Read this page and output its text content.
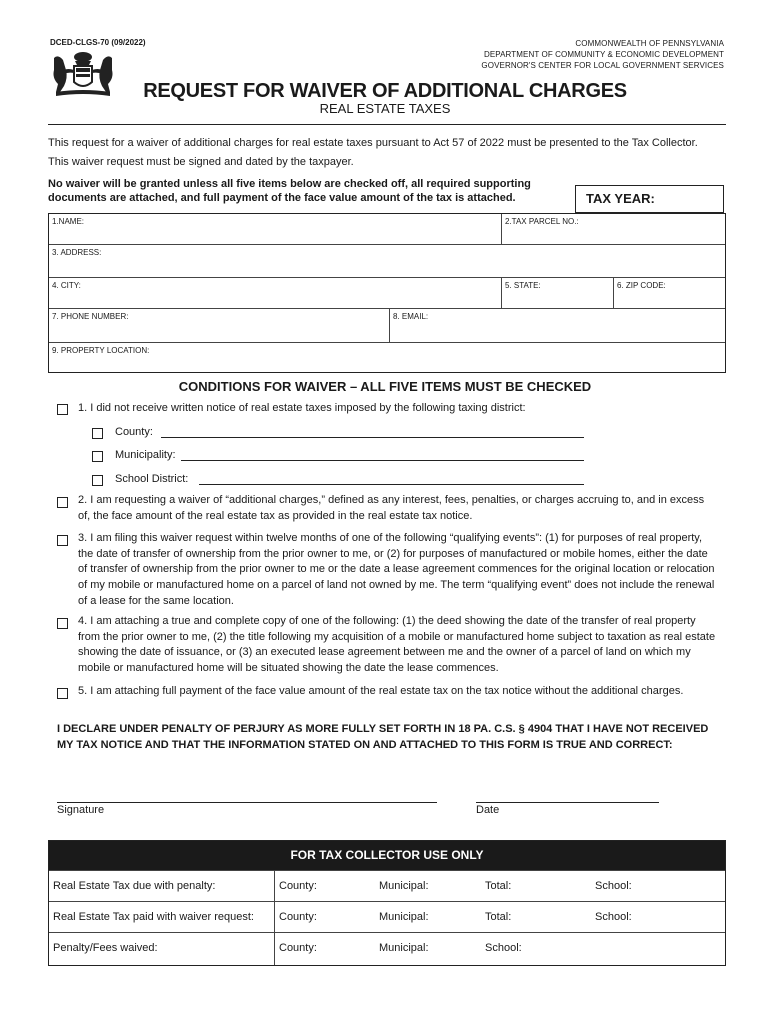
DCED-CLGS-70 (09/2022)	COMMONWEALTH OF PENNSYLVANIA
DEPARTMENT OF COMMUNITY & ECONOMIC DEVELOPMENT
GOVERNOR'S CENTER FOR LOCAL GOVERNMENT SERVICES
REQUEST FOR WAIVER OF ADDITIONAL CHARGES
REAL ESTATE TAXES
This request for a waiver of additional charges for real estate taxes pursuant to Act 57 of 2022 must be presented to the Tax Collector.
This waiver request must be signed and dated by the taxpayer.
No waiver will be granted unless all five items below are checked off, all required supporting documents are attached, and full payment of the face value amount of the tax is attached.	TAX YEAR:
1.NAME:	2.TAX PARCEL NO.:
3. ADDRESS:
4. CITY:	5. STATE:	6. ZIP CODE:
7. PHONE NUMBER:	8. EMAIL:
9. PROPERTY LOCATION:
CONDITIONS FOR WAIVER – ALL FIVE ITEMS MUST BE CHECKED
1. I did not receive written notice of real estate taxes imposed by the following taxing district:
County:
Municipality:
School District:
2. I am requesting a waiver of “additional charges,” defined as any interest, fees, penalties, or charges accruing to, and in excess of, the face amount of the real estate tax as provided in the real estate tax notice.
3. I am filing this waiver request within twelve months of one of the following “qualifying events”: (1) for purposes of real property, the date of transfer of ownership from the prior owner to me, or (2) for purposes of manufactured or mobile homes, either the date of transfer of ownership from the prior owner to me or the date a lease agreement commences for the original location or relocation of my mobile or manufactured home on a parcel of land not owned by me. The term “qualifying event” does not include the renewal of a lease for the same location.
4. I am attaching a true and complete copy of one of the following: (1) the deed showing the date of the transfer of real property from the prior owner to me, (2) the title following my acquisition of a mobile or manufactured home subject to taxation as real estate showing the date of issuance, or (3) an executed lease agreement between me and the owner of a parcel of land on which my mobile or manufactured home will be situated showing the date the lease commences.
5. I am attaching full payment of the face value amount of the real estate tax on the tax notice without the additional charges.
I DECLARE UNDER PENALTY OF PERJURY AS MORE FULLY SET FORTH IN 18 PA. C.S. § 4904 THAT I HAVE NOT RECEIVED MY TAX NOTICE AND THAT THE INFORMATION STATED ON AND ATTACHED TO THIS FORM IS TRUE AND CORRECT:
Signature	Date
FOR TAX COLLECTOR USE ONLY
Real Estate Tax due with penalty:	County:	Municipal:	Total:	School:
Real Estate Tax paid with waiver request: County:	Municipal:	Total:	School:
Penalty/Fees waived:	County:	Municipal:	School:
